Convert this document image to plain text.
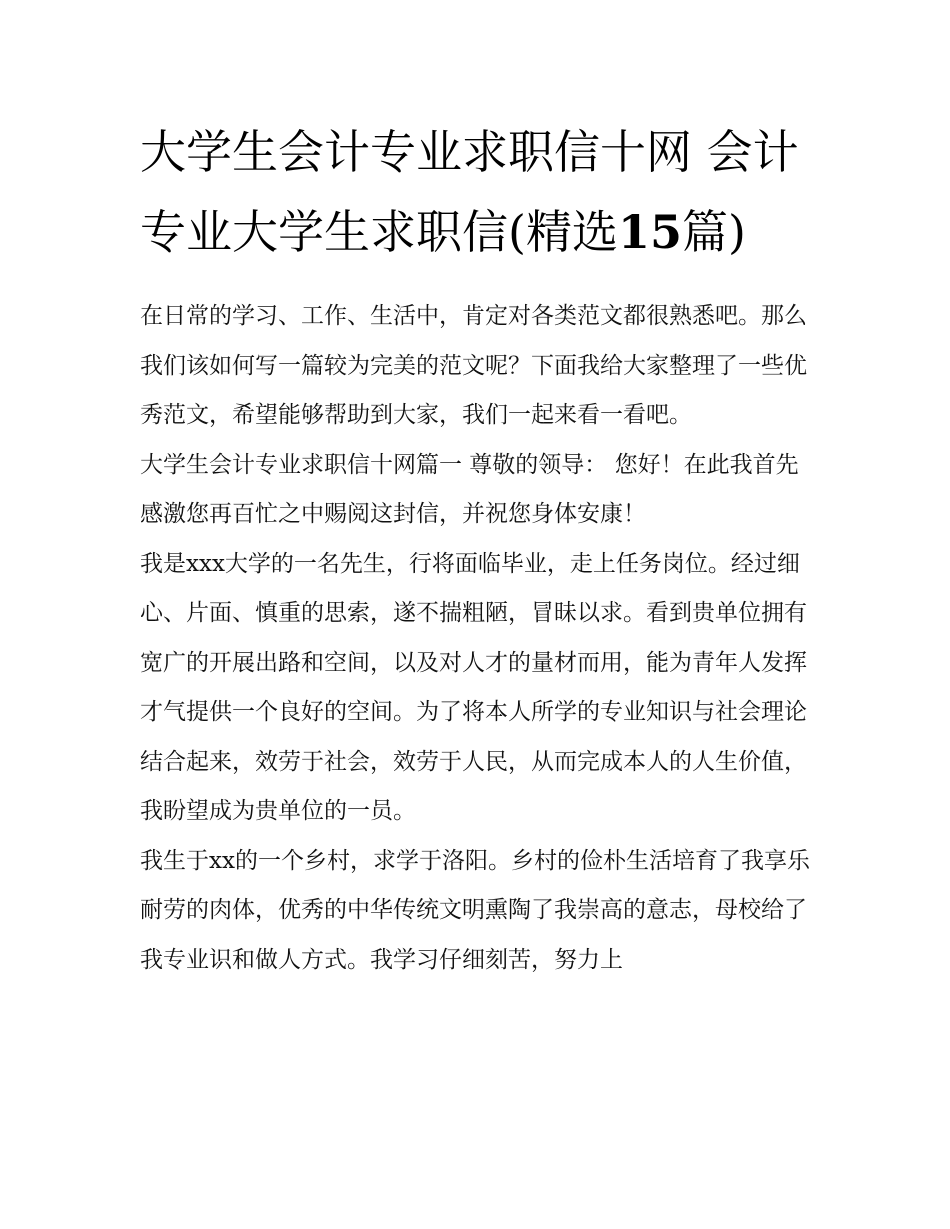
大学生会计专业求职信十网 会计专业大学生求职信(精选15篇)

在日常的学习、工作、生活中，肯定对各类范文都很熟悉吧。那么我们该如何写一篇较为完美的范文呢？下面我给大家整理了一些优秀范文，希望能够帮助到大家，我们一起来看一看吧。

大学生会计专业求职信十网篇一 尊敬的领导： 您好！在此我首先感激您再百忙之中赐阅这封信，并祝您身体安康！

我是xxx大学的一名先生，行将面临毕业，走上任务岗位。经过细心、片面、慎重的思索，遂不揣粗陋，冒昧以求。看到贵单位拥有宽广的开展出路和空间，以及对人才的量材而用，能为青年人发挥才气提供一个良好的空间。为了将本人所学的专业知识与社会理论结合起来，效劳于社会，效劳于人民，从而完成本人的人生价值，我盼望成为贵单位的一员。

我生于xx的一个乡村，求学于洛阳。乡村的俭朴生活培育了我享乐耐劳的肉体，优秀的中华传统文明熏陶了我崇高的意志，母校给了我专业识和做人方式。我学习仔细刻苦，努力上
